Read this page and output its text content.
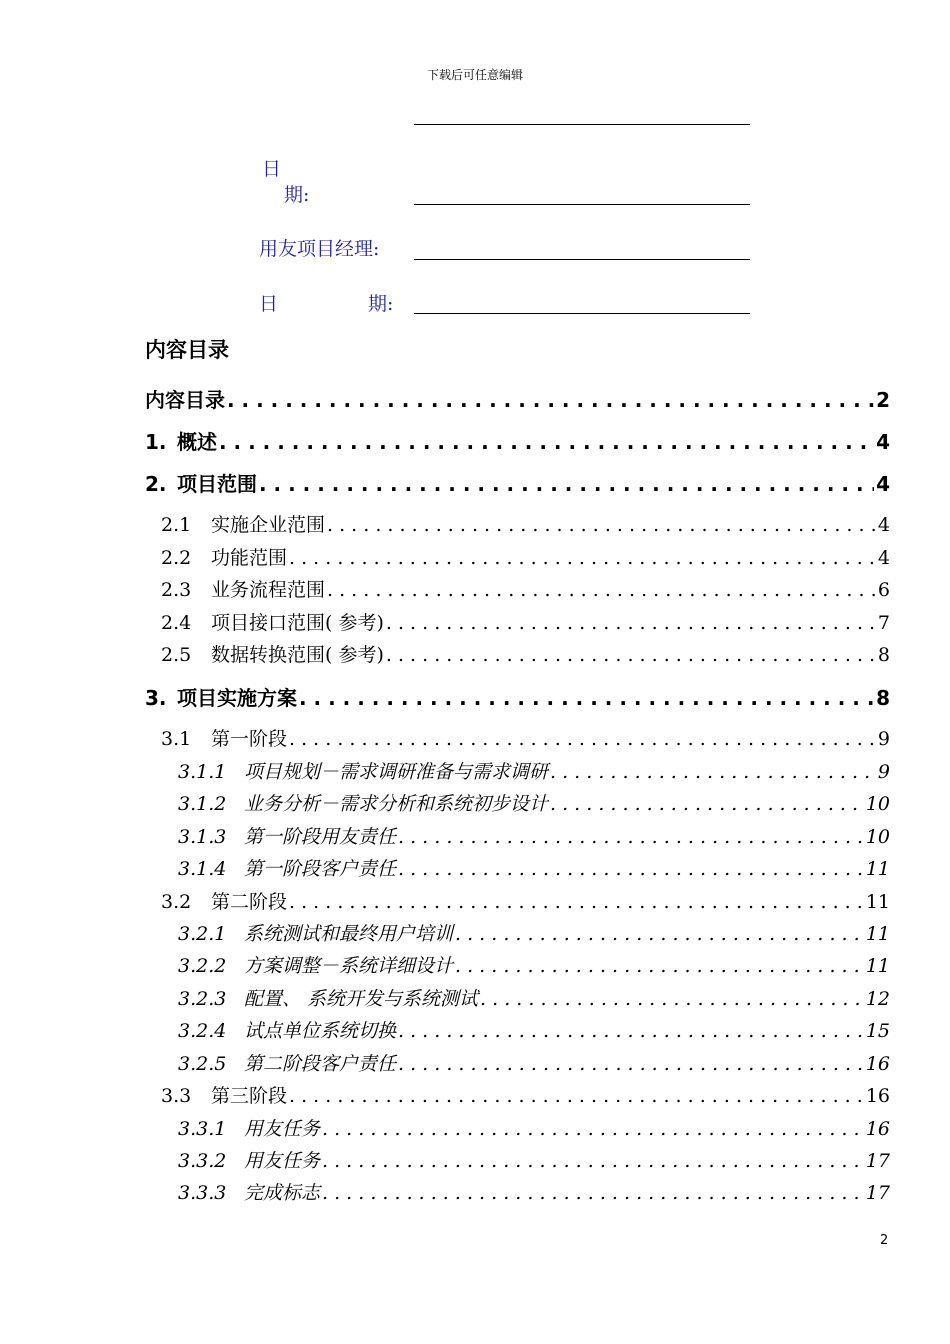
下载后可任意编辑
日
期:
用友项目经理:
日	期:
内容目录
内容目录 . . .	2
1. 概述 . . .	4
2. 项目范围 . . .	4
2.1	实施企业范围 . . .	4
2.2	功能范围 . . .	4
2.3	业务流程范围 . . .	6
2.4	项目接口范围( 参考) . . .	7
2.5	数据转换范围( 参考) . . .	8
3. 项目实施方案 . . .	8
3.1	第一阶段 . . .	9
3.1.1 项目规划－需求调研准备与需求调研 . . .	9
3.1.2 业务分析－需求分析和系统初步设计 . . .	10
3.1.3 第一阶段用友责任 . . .	10
3.1.4 第一阶段客户责任 . . .	11
3.2	第二阶段 . . .	11
3.2.1 系统测试和最终用户培训 . . .	11
3.2.2 方案调整－系统详细设计 . . .	11
3.2.3 配置、 系统开发与系统测试 . . .	12
3.2.4 试点单位系统切换 . . .	15
3.2.5 第二阶段客户责任 . . .	16
3.3	第三阶段 . . .	16
3.3.1 用友任务 . . .	16
3.3.2 用友任务 . . .	17
3.3.3 完成标志 . . .	17
2
